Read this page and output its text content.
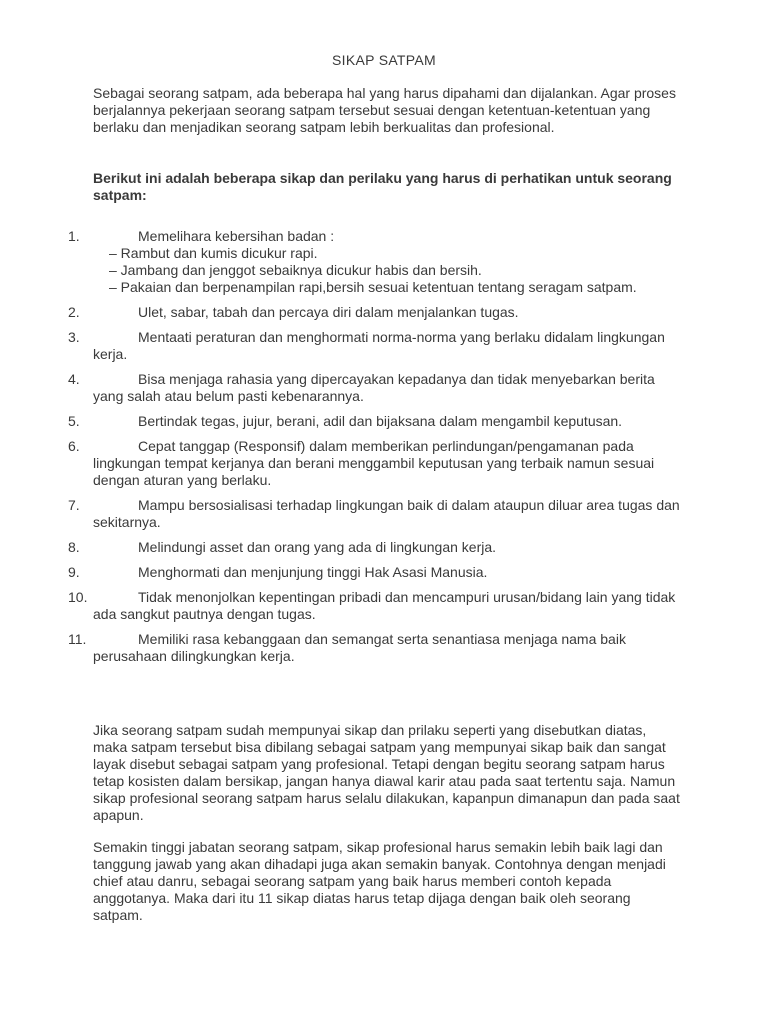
SIKAP SATPAM

Sebagai seorang satpam, ada beberapa hal yang harus dipahami dan dijalankan. Agar proses berjalannya pekerjaan seorang satpam tersebut sesuai dengan ketentuan-ketentuan yang berlaku dan menjadikan seorang satpam lebih berkualitas dan profesional.

Berikut ini adalah beberapa sikap dan perilaku yang harus di perhatikan untuk seorang satpam:

1.	Memelihara kebersihan badan :
– Rambut dan kumis dicukur rapi.
– Jambang dan jenggot sebaiknya dicukur habis dan bersih.
– Pakaian dan berpenampilan rapi,bersih sesuai ketentuan tentang seragam satpam.
2.	Ulet, sabar, tabah dan percaya diri dalam menjalankan tugas.
3.	Mentaati peraturan dan menghormati norma-norma yang berlaku didalam lingkungan kerja.
4.	Bisa menjaga rahasia yang dipercayakan kepadanya dan tidak menyebarkan berita yang salah atau belum pasti kebenarannya.
5.	Bertindak tegas, jujur, berani, adil dan bijaksana dalam mengambil keputusan.
6.	Cepat tanggap (Responsif) dalam memberikan perlindungan/pengamanan pada lingkungan tempat kerjanya dan berani menggambil keputusan yang terbaik namun sesuai dengan aturan yang berlaku.
7.	Mampu bersosialisasi terhadap lingkungan baik di dalam ataupun diluar area tugas dan sekitarnya.
8.	Melindungi asset dan orang yang ada di lingkungan kerja.
9.	Menghormati dan menjunjung tinggi Hak Asasi Manusia.
10.	Tidak menonjolkan kepentingan pribadi dan mencampuri urusan/bidang lain yang tidak ada sangkut pautnya dengan tugas.
11.	Memiliki rasa kebanggaan dan semangat serta senantiasa menjaga nama baik perusahaan dilingkungkan kerja.

Jika seorang satpam sudah mempunyai sikap dan prilaku seperti yang disebutkan diatas, maka satpam tersebut bisa dibilang sebagai satpam yang mempunyai sikap baik dan sangat layak disebut sebagai satpam yang profesional. Tetapi dengan begitu seorang satpam harus tetap kosisten dalam bersikap, jangan hanya diawal karir atau pada saat tertentu saja. Namun sikap profesional seorang satpam harus selalu dilakukan, kapanpun dimanapun dan pada saat apapun.

Semakin tinggi jabatan seorang satpam, sikap profesional harus semakin lebih baik lagi dan tanggung jawab yang akan dihadapi juga akan semakin banyak. Contohnya dengan menjadi chief atau danru, sebagai seorang satpam yang baik harus memberi contoh kepada anggotanya. Maka dari itu 11 sikap diatas harus tetap dijaga dengan baik oleh seorang satpam.
